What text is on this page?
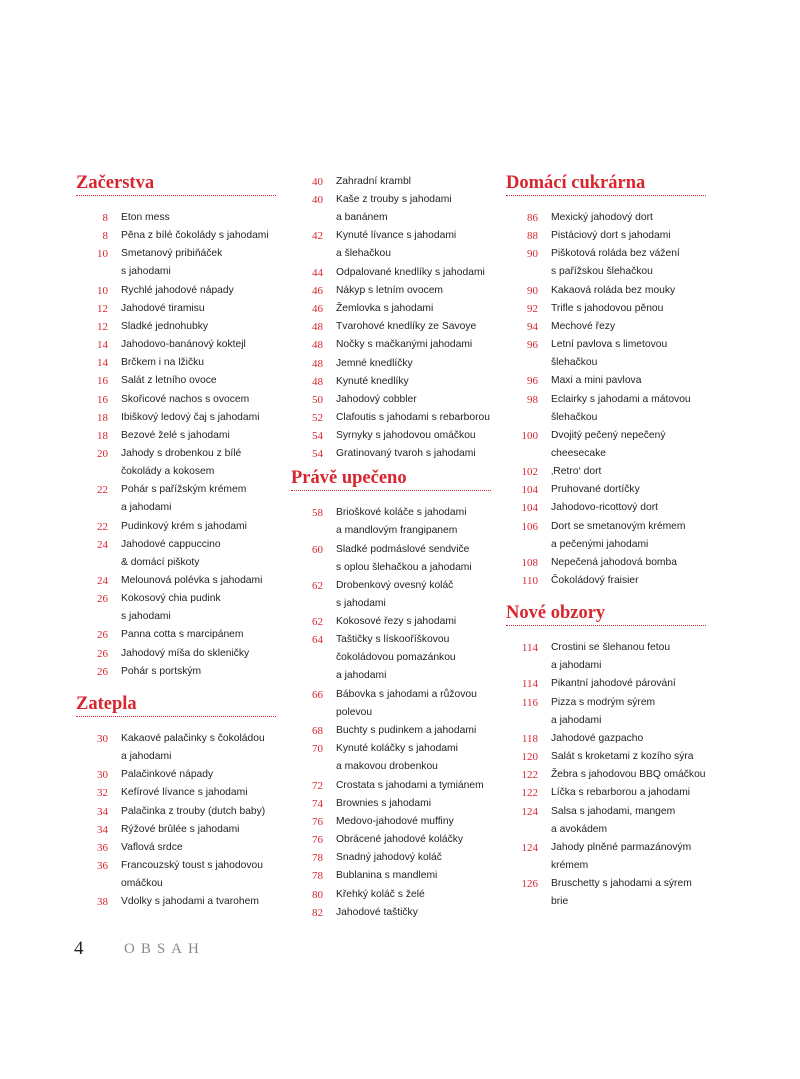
Začerstva
8 Eton mess
8 Pěna z bílé čokolády s jahodami
10 Smetanový pribiňáček
s jahodami
10 Rychlé jahodové nápady
12 Jahodové tiramisu
12 Sladké jednohubky
14 Jahodovo-banánový koktejl
14 Brčkem i na lžičku
16 Salát z letního ovoce
16 Skořicové nachos s ovocem
18 Ibiškový ledový čaj s jahodami
18 Bezové želé s jahodami
20 Jahody s drobenkou z bílé
čokolády a kokosem
22 Pohár s pařížským krémem
a jahodami
22 Pudinkový krém s jahodami
24 Jahodové cappuccino
& domácí piškoty
24 Melounová polévka s jahodami
26 Kokosový chia pudink
s jahodami
26 Panna cotta s marcipánem
26 Jahodový míša do skleničky
26 Pohár s portským
Zatepla
30 Kakaové palačinky s čokoládou
a jahodami
30 Palačinkové nápady
32 Kefírové lívance s jahodami
34 Palačinka z trouby (dutch baby)
34 Rýžové brûlée s jahodami
36 Vaflová srdce
36 Francouzský toust s jahodovou
omáčkou
38 Vdolky s jahodami a tvarohem
40 Zahradní krambl
40 Kaše z trouby s jahodami
a banánem
42 Kynuté lívance s jahodami
a šlehačkou
44 Odpalované knedlíky s jahodami
46 Nákyp s letním ovocem
46 Žemlovka s jahodami
48 Tvarohové knedlíky ze Savoye
48 Nočky s mačkanými jahodami
48 Jemné knedlíčky
48 Kynuté knedlíky
50 Jahodový cobbler
52 Clafoutis s jahodami s rebarborou
54 Syrnyky s jahodovou omáčkou
54 Gratinovaný tvaroh s jahodami
Právě upečeno
58 Brioškové koláče s jahodami
a mandlovým frangipanem
60 Sladké podmáslové sendviče
s oplou šlehačkou a jahodami
62 Drobenkový ovesný koláč
s jahodami
62 Kokosové řezy s jahodami
64 Taštičky s lískooříškovou
čokoládovou pomazánkou
a jahodami
66 Bábovka s jahodami a růžovou
polevou
68 Buchty s pudinkem a jahodami
70 Kynuté koláčky s jahodami
a makovou drobenkou
72 Crostata s jahodami a tymiánem
74 Brownies s jahodami
76 Medovo-jahodové muffiny
76 Obrácené jahodové koláčky
78 Snadný jahodový koláč
78 Bublanina s mandlemi
80 Křehký koláč s želé
82 Jahodové taštičky
Domácí cukrárna
86 Mexický jahodový dort
88 Pistáciový dort s jahodami
90 Piškotová roláda bez vážení
s pařížskou šlehačkou
90 Kakaová roláda bez mouky
92 Trifle s jahodovou pěnou
94 Mechové řezy
96 Letní pavlova s limetovou
šlehačkou
96 Maxi a mini pavlova
98 Eclairky s jahodami a mátovou
šlehačkou
100 Dvojitý pečený nepečený
cheesecake
102 ‚Retro‘ dort
104 Pruhované dortíčky
104 Jahodovo-ricottový dort
106 Dort se smetanovým krémem
a pečenými jahodami
108 Nepečená jahodová bomba
110 Čokoládový fraisier
Nové obzory
114 Crostini se šlehanou fetou
a jahodami
114 Pikantní jahodové párování
116 Pizza s modrým sýrem
a jahodami
118 Jahodové gazpacho
120 Salát s kroketami z kozího sýra
122 Žebra s jahodovou BBQ omáčkou
122 Líčka s rebarborou a jahodami
124 Salsa s jahodami, mangem
a avokádem
124 Jahody plněné parmazánovým
krémem
126 Bruschetty s jahodami a sýrem
brie
4	OBSAH
